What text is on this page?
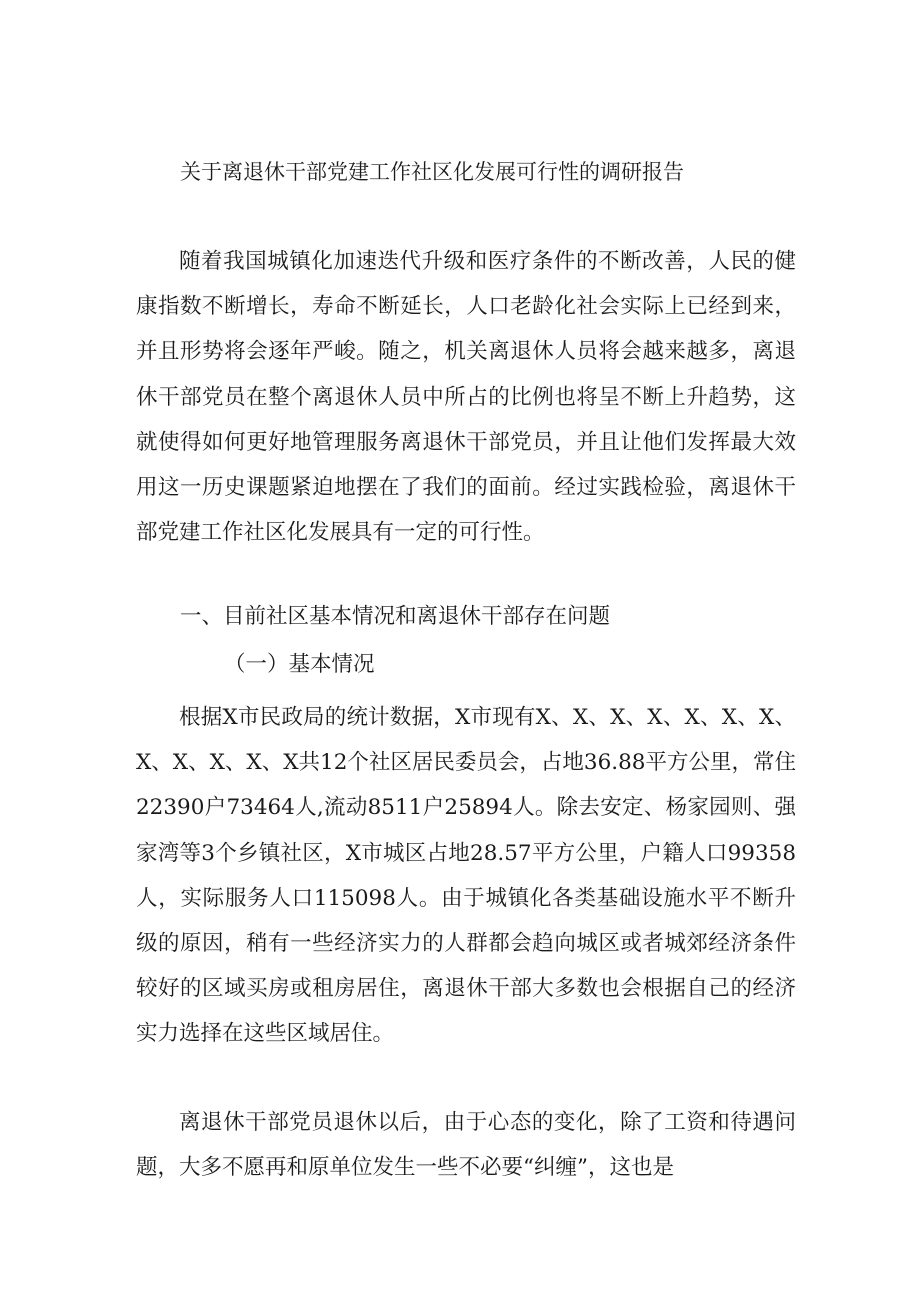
关于离退休干部党建工作社区化发展可行性的调研报告

随着我国城镇化加速迭代升级和医疗条件的不断改善，人民的健康指数不断增长，寿命不断延长，人口老龄化社会实际上已经到来，并且形势将会逐年严峻。随之，机关离退休人员将会越来越多，离退休干部党员在整个离退休人员中所占的比例也将呈不断上升趋势，这就使得如何更好地管理服务离退休干部党员，并且让他们发挥最大效用这一历史课题紧迫地摆在了我们的面前。经过实践检验，离退休干部党建工作社区化发展具有一定的可行性。

一、目前社区基本情况和离退休干部存在问题
（一）基本情况

根据X市民政局的统计数据，X市现有X、X、X、X、X、X、X、X、X、X、X、X共12个社区居民委员会，占地36.88平方公里，常住22390户73464人,流动8511户25894人。除去安定、杨家园则、强家湾等3个乡镇社区，X市城区占地28.57平方公里，户籍人口99358人，实际服务人口115098人。由于城镇化各类基础设施水平不断升级的原因，稍有一些经济实力的人群都会趋向城区或者城郊经济条件较好的区域买房或租房居住，离退休干部大多数也会根据自己的经济实力选择在这些区域居住。

离退休干部党员退休以后，由于心态的变化，除了工资和待遇问题，大多不愿再和原单位发生一些不必要“纠缠”，这也是
